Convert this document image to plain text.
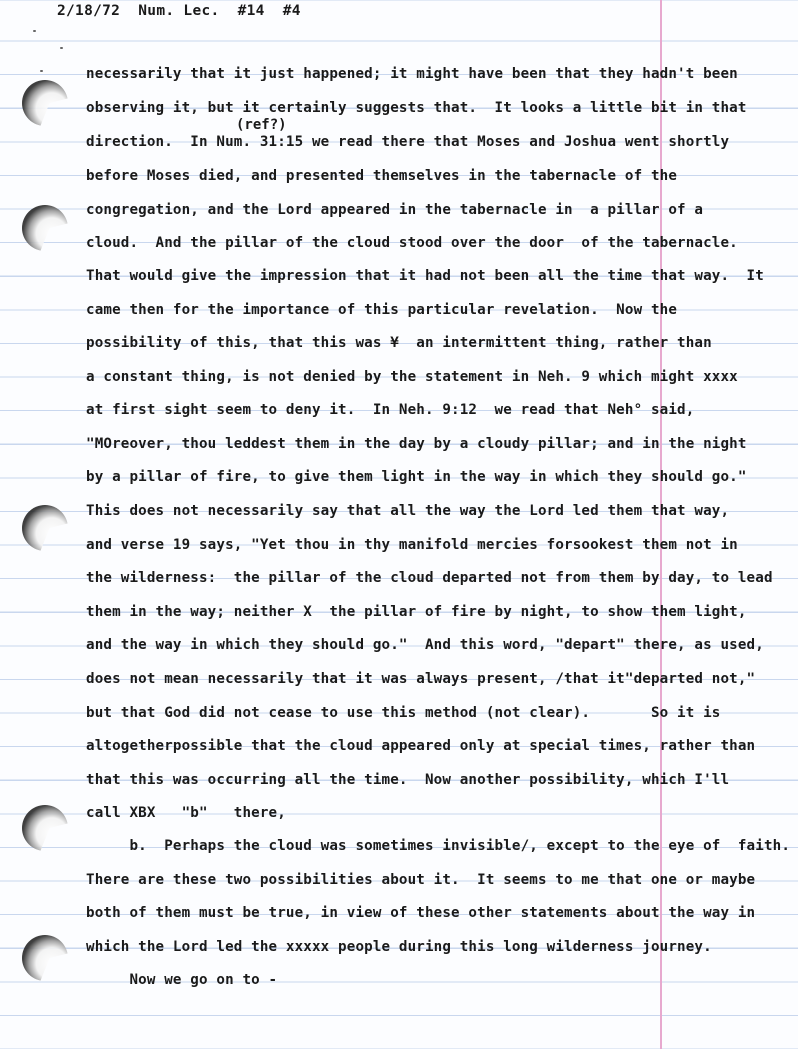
2/18/72  Num. Lec.  #14  #4
(ref?)
necessarily that it just happened; it might have been that they hadn't been
observing it, but it certainly suggests that.  It looks a little bit in that
direction.  In Num. 31:15 we read there that Moses and Joshua went shortly
before Moses died, and presented themselves in the tabernacle of the
congregation, and the Lord appeared in the tabernacle in  a pillar of a
cloud.  And the pillar of the cloud stood over the door  of the tabernacle.
That would give the impression that it had not been all the time that way.  It
came then for the importance of this particular revelation.  Now the
possibility of this, that this was ¥  an intermittent thing, rather than
a constant thing, is not denied by the statement in Neh. 9 which might xxxx
at first sight seem to deny it.  In Neh. 9:12  we read that Neh° said,
"MOreover, thou leddest them in the day by a cloudy pillar; and in the night
by a pillar of fire, to give them light in the way in which they should go."
This does not necessarily say that all the way the Lord led them that way,
and verse 19 says, "Yet thou in thy manifold mercies forsookest them not in
the wilderness:  the pillar of the cloud departed not from them by day, to lead
them in the way; neither X  the pillar of fire by night, to show them light,
and the way in which they should go."  And this word, "depart" there, as used,
does not mean necessarily that it was always present, /that it"departed not,"
but that God did not cease to use this method (not clear).       So it is
altogetherpossible that the cloud appeared only at special times, rather than
that this was occurring all the time.  Now another possibility, which I'll
call XBX   "b"   there,
b.  Perhaps the cloud was sometimes invisible/, except to the eye of  faith.
There are these two possibilities about it.  It seems to me that one or maybe
both of them must be true, in view of these other statements about the way in
which the Lord led the xxxxx people during this long wilderness journey.
Now we go on to -
